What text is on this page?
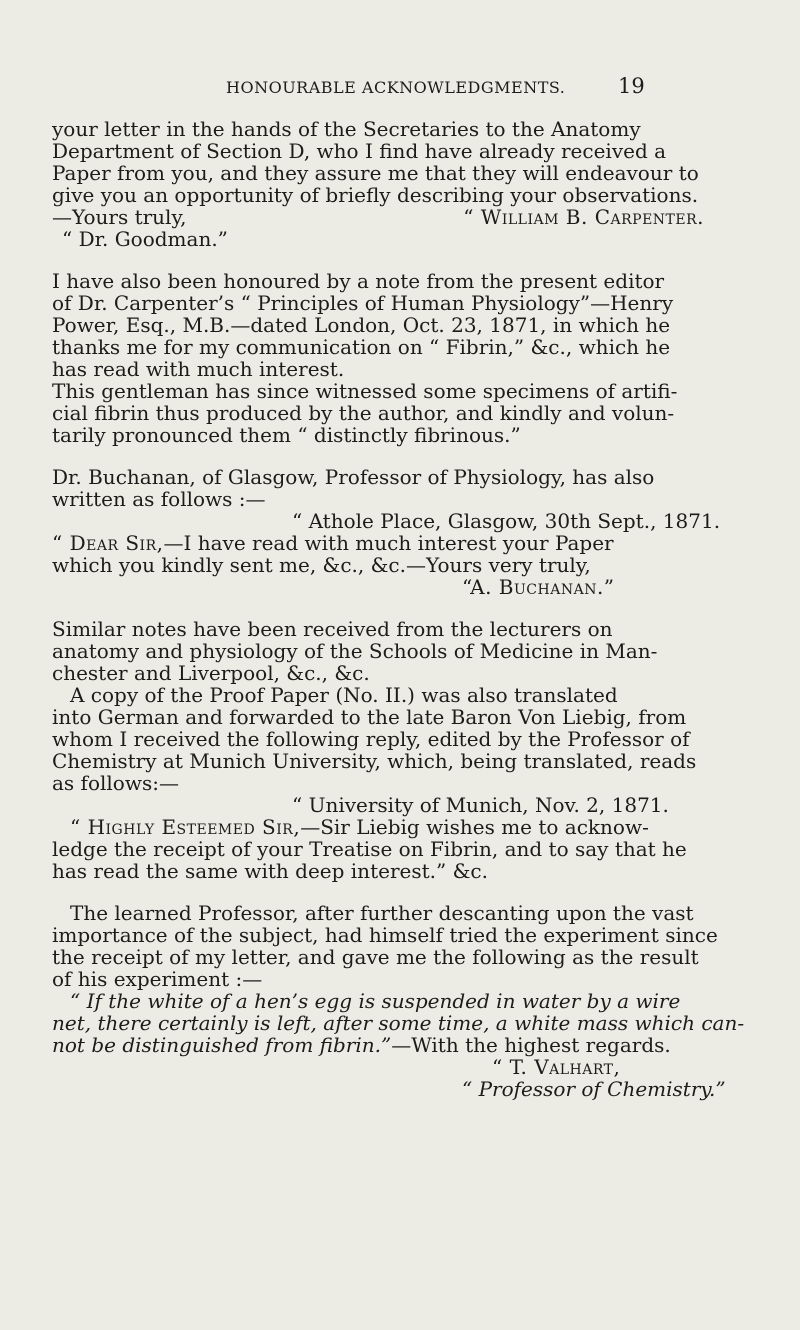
HONOURABLE ACKNOWLEDGMENTS.	19
your letter in the hands of the Secretaries to the Anatomy
Department of Section D, who I find have already received a
Paper from you, and they assure me that they will endeavour to
give you an opportunity of briefly describing your observations.
—Yours truly,	“ William B. Carpenter.
“ Dr. Goodman.”
I have also been honoured by a note from the present editor
of Dr. Carpenter’s “ Principles of Human Physiology”—Henry
Power, Esq., M.B.—dated London, Oct. 23, 1871, in which he
thanks me for my communication on “ Fibrin,” &c., which he
has read with much interest.
This gentleman has since witnessed some specimens of artifi-
cial fibrin thus produced by the author, and kindly and volun-
tarily pronounced them “ distinctly fibrinous.”
Dr. Buchanan, of Glasgow, Professor of Physiology, has also
written as follows :—
“ Athole Place, Glasgow, 30th Sept., 1871.
“ Dear Sir,—I have read with much interest your Paper
which you kindly sent me, &c., &c.—Yours very truly,
“A. Buchanan.”
Similar notes have been received from the lecturers on
anatomy and physiology of the Schools of Medicine in Man-
chester and Liverpool, &c., &c.
A copy of the Proof Paper (No. II.) was also translated
into German and forwarded to the late Baron Von Liebig, from
whom I received the following reply, edited by the Professor of
Chemistry at Munich University, which, being translated, reads
as follows:—
“ University of Munich, Nov. 2, 1871.
“ Highly Esteemed Sir,—Sir Liebig wishes me to acknow-
ledge the receipt of your Treatise on Fibrin, and to say that he
has read the same with deep interest.” &c.
The learned Professor, after further descanting upon the vast
importance of the subject, had himself tried the experiment since
the receipt of my letter, and gave me the following as the result
of his experiment :—
“ If the white of a hen’s egg is suspended in water by a wire
net, there certainly is left, after some time, a white mass which can-
not be distinguished from fibrin.”—With the highest regards.
“ T. Valhart,
“ Professor of Chemistry.”
